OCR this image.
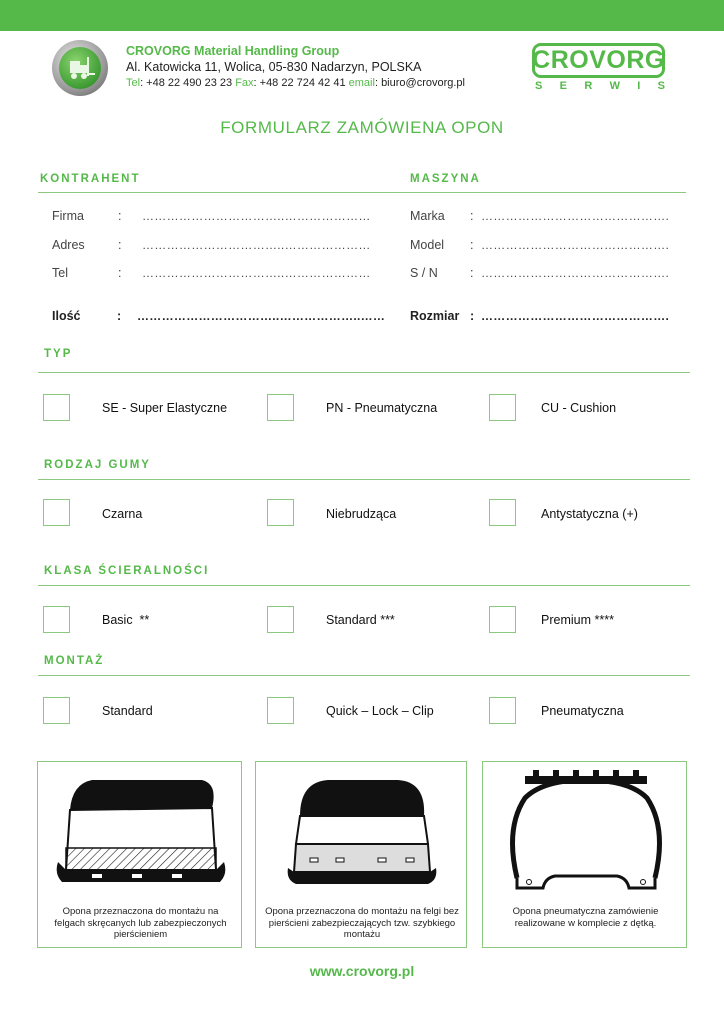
CROVORG Material Handling Group
Al. Katowicka 11, Wolica, 05-830 Nadarzyn, POLSKA
Tel: +48 22 490 23 23 Fax: +48 22 724 42 41 email: biuro@crovorg.pl
CROVORG
S E R W I S
FORMULARZ ZAMÓWIENA OPON
KONTRAHENT	MASZYNA
Firma	: ……………………………..…………………
Adres	: ……………………………..…………………
Tel	: ……………………………..…………………
Ilość	: ……………………………..………………..……
Marka : ……………………………………….
Model : ……………………………………….
S / N	: ……………………………………….
Rozmiar : ……………………………………….
TYP
SE - Super Elastyczne	PN - Pneumatyczna	CU - Cushion
RODZAJ GUMY
Czarna	Niebrudząca	Antystatyczna (+)
KLASA ŚCIERALNOŚCI
Basic  **	Standard ***	Premium ****
MONTAŻ
Standard	Quick – Lock – Clip	Pneumatyczna
Opona przeznaczona do montażu na
felgach skręcanych lub zabezpieczonych
pierścieniem
Opona przeznaczona do montażu na felgi bez
pierścieni zabezpieczających tzw. szybkiego
montażu
Opona pneumatyczna zamówienie
realizowane w komplecie z dętką.
www.crovorg.pl
